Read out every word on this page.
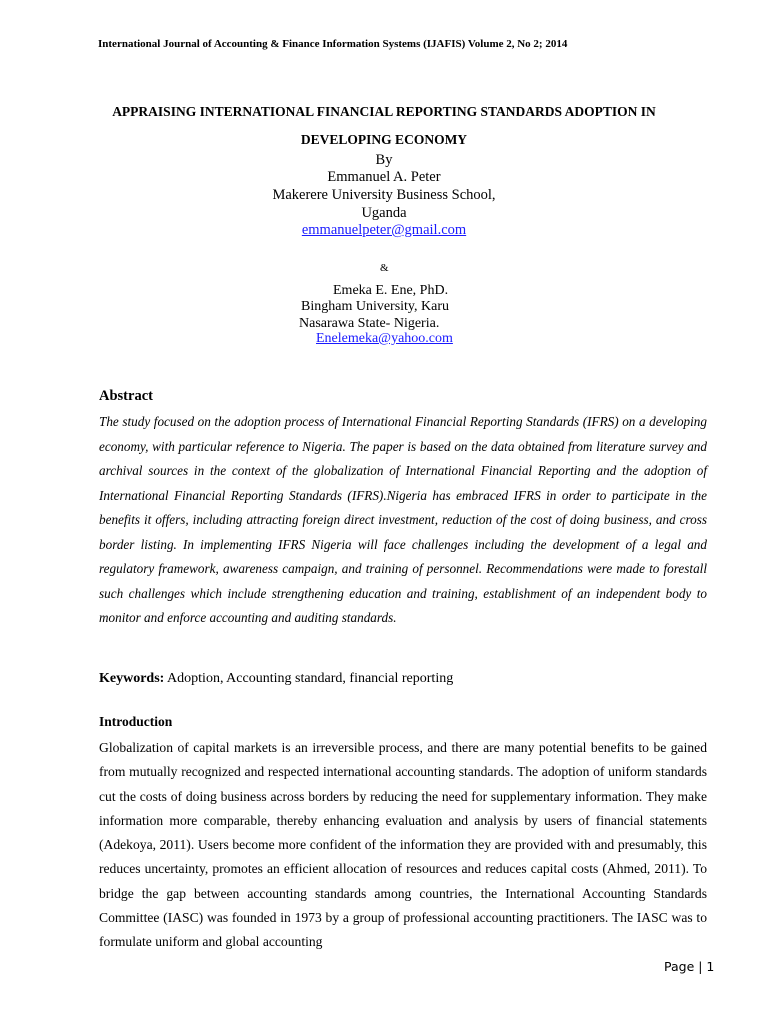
International Journal of Accounting & Finance Information Systems (IJAFIS) Volume 2, No 2; 2014
APPRAISING INTERNATIONAL FINANCIAL REPORTING STANDARDS ADOPTION IN
DEVELOPING ECONOMY
By
Emmanuel A. Peter
Makerere University Business School,
Uganda
emmanuelpeter@gmail.com
&
Emeka E. Ene, PhD.
Bingham University, Karu
Nasarawa State- Nigeria.
Enelemeka@yahoo.com
Abstract
The study focused on the adoption process of International Financial Reporting Standards (IFRS) on a developing economy, with particular reference to Nigeria. The paper is based on the data obtained from literature survey and archival sources in the context of the globalization of International Financial Reporting and the adoption of International Financial Reporting Standards (IFRS).Nigeria has embraced IFRS in order to participate in the benefits it offers, including attracting foreign direct investment, reduction of the cost of doing business, and cross border listing. In implementing IFRS Nigeria will face challenges including the development of a legal and regulatory framework, awareness campaign, and training of personnel. Recommendations were made to forestall such challenges which include strengthening education and training, establishment of an independent body to monitor and enforce accounting and auditing standards.
Keywords: Adoption, Accounting standard, financial reporting
Introduction
Globalization of capital markets is an irreversible process, and there are many potential benefits to be gained from mutually recognized and respected international accounting standards. The adoption of uniform standards cut the costs of doing business across borders by reducing the need for supplementary information. They make information more comparable, thereby enhancing evaluation and analysis by users of financial statements (Adekoya, 2011). Users become more confident of the information they are provided with and presumably, this reduces uncertainty, promotes an efficient allocation of resources and reduces capital costs (Ahmed, 2011). To bridge the gap between accounting standards among countries, the International Accounting Standards Committee (IASC) was founded in 1973 by a group of professional accounting practitioners. The IASC was to formulate uniform and global accounting
Page | 1
